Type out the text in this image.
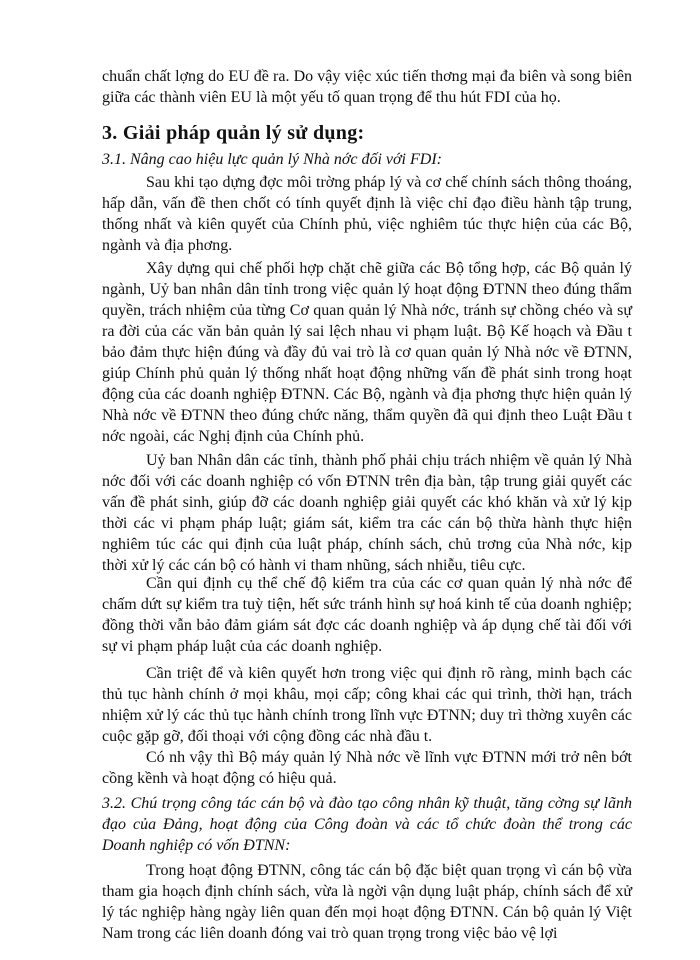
chuẩn chất lợng do EU đề ra. Do vậy việc xúc tiến thơng mại đa biên và song biên giữa các thành viên EU là một yếu tố quan trọng để thu hút FDI của họ.

3. Giải pháp quản lý sử dụng:

3.1. Nâng cao hiệu lực quản lý Nhà nớc đối với FDI:

Sau khi tạo dựng đợc môi trờng pháp lý và cơ chế chính sách thông thoáng, hấp dẫn, vấn đề then chốt có tính quyết định là việc chỉ đạo điều hành tập trung, thống nhất và kiên quyết của Chính phủ, việc nghiêm túc thực hiện của các Bộ, ngành và địa phơng.

Xây dựng qui chế phối hợp chặt chẽ giữa các Bộ tổng hợp, các Bộ quản lý ngành, Uỷ ban nhân dân tỉnh trong việc quản lý hoạt động ĐTNN theo đúng thẩm quyền, trách nhiệm của từng Cơ quan quản lý Nhà nớc, tránh sự chồng chéo và sự ra đời của các văn bản quản lý sai lệch nhau vi phạm luật. Bộ Kế hoạch và Đầu t bảo đảm thực hiện đúng và đầy đủ vai trò là cơ quan quản lý Nhà nớc về ĐTNN, giúp Chính phủ quản lý thống nhất hoạt động những vấn đề phát sinh trong hoạt động của các doanh nghiệp ĐTNN. Các Bộ, ngành và địa phơng thực hiện quản lý Nhà nớc về ĐTNN theo đúng chức năng, thẩm quyền đã qui định theo Luật Đầu t nớc ngoài, các Nghị định của Chính phủ.

Uỷ ban Nhân dân các tỉnh, thành phố phải chịu trách nhiệm về quản lý Nhà nớc đối với các doanh nghiệp có vốn ĐTNN trên địa bàn, tập trung giải quyết các vấn đề phát sinh, giúp đỡ các doanh nghiệp giải quyết các khó khăn và xử lý kịp thời các vi phạm pháp luật; giám sát, kiểm tra các cán bộ thừa hành thực hiện nghiêm túc các qui định của luật pháp, chính sách, chủ trơng của Nhà nớc, kịp thời xử lý các cán bộ có hành vi tham nhũng, sách nhiễu, tiêu cực.

Cần qui định cụ thể chế độ kiểm tra của các cơ quan quản lý nhà nớc để chấm dứt sự kiểm tra tuỳ tiện, hết sức tránh hình sự hoá kinh tế của doanh nghiệp; đồng thời vẫn bảo đảm giám sát đợc các doanh nghiệp và áp dụng chế tài đối với sự vi phạm pháp luật của các doanh nghiệp.

Cần triệt để và kiên quyết hơn trong việc qui định rõ ràng, minh bạch các thủ tục hành chính ở mọi khâu, mọi cấp; công khai các qui trình, thời hạn, trách nhiệm xử lý các thủ tục hành chính trong lĩnh vực ĐTNN; duy trì thờng xuyên các cuộc gặp gỡ, đối thoại với cộng đồng các nhà đầu t.

Có nh vậy thì Bộ máy quản lý Nhà nớc về lĩnh vực ĐTNN mới trở nên bớt cồng kềnh và hoạt động có hiệu quả.

3.2. Chú trọng công tác cán bộ và đào tạo công nhân kỹ thuật, tăng cờng sự lãnh đạo của Đảng, hoạt động của Công đoàn và các tổ chức đoàn thể trong các Doanh nghiệp có vốn ĐTNN:

Trong hoạt động ĐTNN, công tác cán bộ đặc biệt quan trọng vì cán bộ vừa tham gia hoạch định chính sách, vừa là ngời vận dụng luật pháp, chính sách để xử lý tác nghiệp hàng ngày liên quan đến mọi hoạt động ĐTNN. Cán bộ quản lý Việt Nam trong các liên doanh đóng vai trò quan trọng trong việc bảo vệ lợi
